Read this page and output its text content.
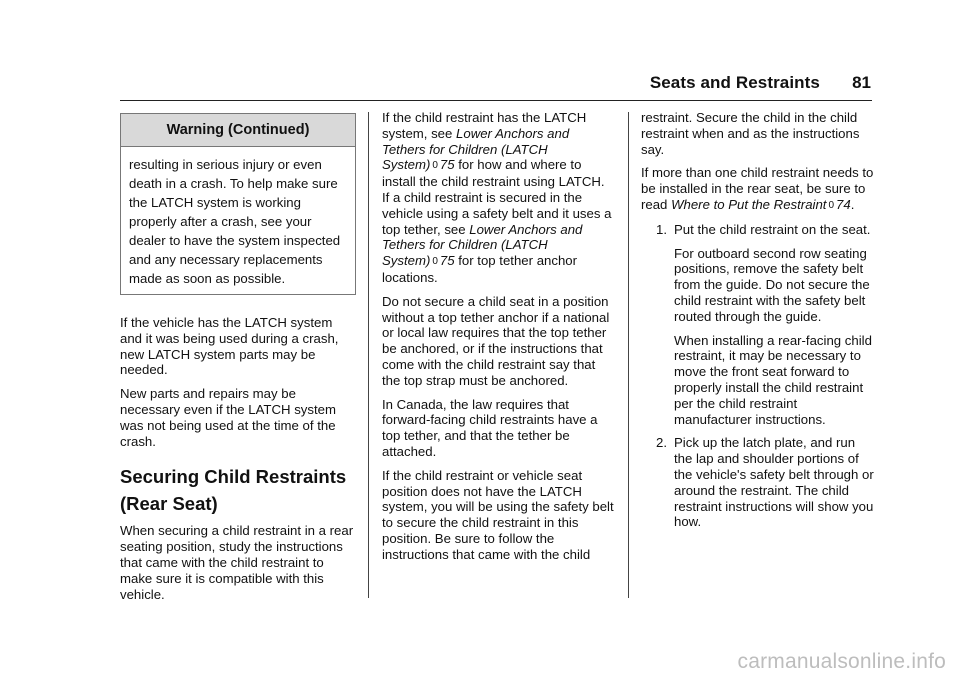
Seats and Restraints 81
Warning (Continued)
resulting in serious injury or even death in a crash. To help make sure the LATCH system is working properly after a crash, see your dealer to have the system inspected and any necessary replacements made as soon as possible.

If the vehicle has the LATCH system and it was being used during a crash, new LATCH system parts may be needed.

New parts and repairs may be necessary even if the LATCH system was not being used at the time of the crash.

Securing Child Restraints (Rear Seat)

When securing a child restraint in a rear seating position, study the instructions that came with the child restraint to make sure it is compatible with this vehicle.

If the child restraint has the LATCH system, see Lower Anchors and Tethers for Children (LATCH System) 0 75 for how and where to install the child restraint using LATCH. If a child restraint is secured in the vehicle using a safety belt and it uses a top tether, see Lower Anchors and Tethers for Children (LATCH System) 0 75 for top tether anchor locations.

Do not secure a child seat in a position without a top tether anchor if a national or local law requires that the top tether be anchored, or if the instructions that come with the child restraint say that the top strap must be anchored.

In Canada, the law requires that forward-facing child restraints have a top tether, and that the tether be attached.

If the child restraint or vehicle seat position does not have the LATCH system, you will be using the safety belt to secure the child restraint in this position. Be sure to follow the instructions that came with the child

restraint. Secure the child in the child restraint when and as the instructions say.

If more than one child restraint needs to be installed in the rear seat, be sure to read Where to Put the Restraint 0 74.

1. Put the child restraint on the seat.
For outboard second row seating positions, remove the safety belt from the guide. Do not secure the child restraint with the safety belt routed through the guide.
When installing a rear-facing child restraint, it may be necessary to move the front seat forward to properly install the child restraint per the child restraint manufacturer instructions.
2. Pick up the latch plate, and run the lap and shoulder portions of the vehicle's safety belt through or around the restraint. The child restraint instructions will show you how.
carmanualsonline.info
